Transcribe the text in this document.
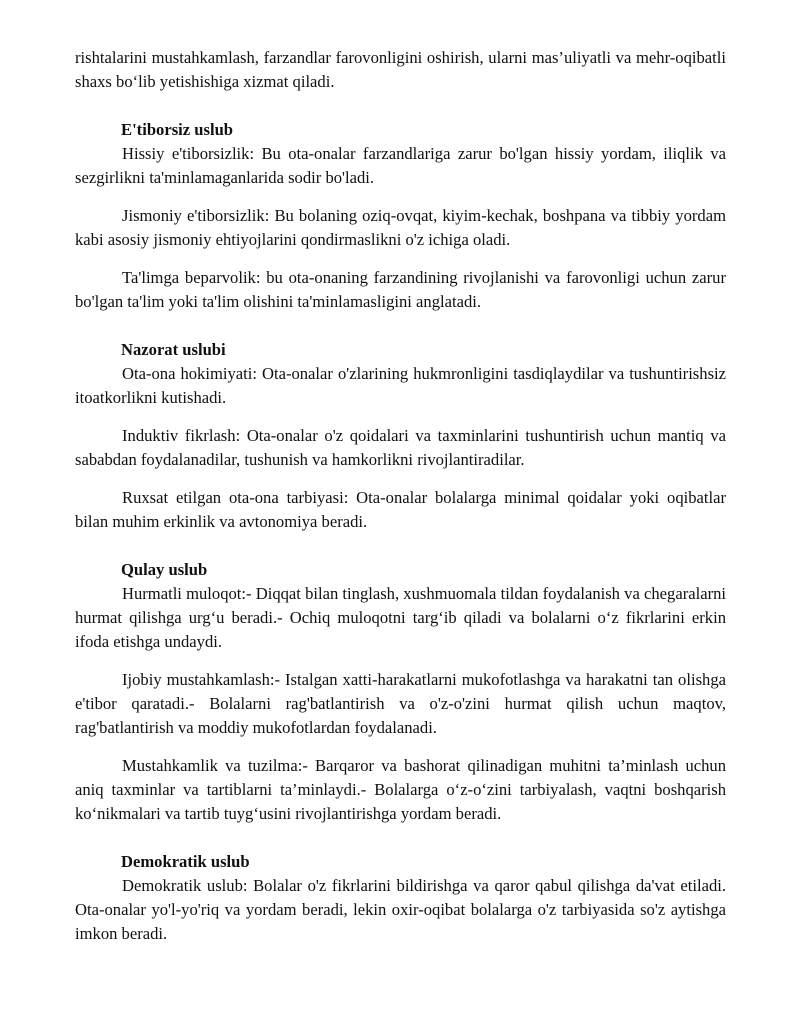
rishtalarini mustahkamlash, farzandlar farovonligini oshirish, ularni mas’uliyatli va mehr-oqibatli shaxs bo‘lib yetishishiga xizmat qiladi.

E'tiborsiz uslub

Hissiy e'tiborsizlik: Bu ota-onalar farzandlariga zarur bo'lgan hissiy yordam, iliqlik va sezgirlikni ta'minlamaganlarida sodir bo'ladi.

Jismoniy e'tiborsizlik: Bu bolaning oziq-ovqat, kiyim-kechak, boshpana va tibbiy yordam kabi asosiy jismoniy ehtiyojlarini qondirmaslikni o'z ichiga oladi.

Ta'limga beparvolik: bu ota-onaning farzandining rivojlanishi va farovonligi uchun zarur bo'lgan ta'lim yoki ta'lim olishini ta'minlamasligini anglatadi.

Nazorat uslubi

Ota-ona hokimiyati: Ota-onalar o'zlarining hukmronligini tasdiqlaydilar va tushuntirishsiz itoatkorlikni kutishadi.

Induktiv fikrlash: Ota-onalar o'z qoidalari va taxminlarini tushuntirish uchun mantiq va sababdan foydalanadilar, tushunish va hamkorlikni rivojlantiradilar.

Ruxsat etilgan ota-ona tarbiyasi: Ota-onalar bolalarga minimal qoidalar yoki oqibatlar bilan muhim erkinlik va avtonomiya beradi.

Qulay uslub

Hurmatli muloqot:- Diqqat bilan tinglash, xushmuomala tildan foydalanish va chegaralarni hurmat qilishga urg‘u beradi.- Ochiq muloqotni targ‘ib qiladi va bolalarni o‘z fikrlarini erkin ifoda etishga undaydi.

Ijobiy mustahkamlash:- Istalgan xatti-harakatlarni mukofotlashga va harakatni tan olishga e'tibor qaratadi.- Bolalarni rag'batlantirish va o'z-o'zini hurmat qilish uchun maqtov, rag'batlantirish va moddiy mukofotlardan foydalanadi.

Mustahkamlik va tuzilma:- Barqaror va bashorat qilinadigan muhitni ta’minlash uchun aniq taxminlar va tartiblarni ta’minlaydi.- Bolalarga o‘z-o‘zini tarbiyalash, vaqtni boshqarish ko‘nikmalari va tartib tuyg‘usini rivojlantirishga yordam beradi.

Demokratik uslub

Demokratik uslub: Bolalar o'z fikrlarini bildirishga va qaror qabul qilishga da'vat etiladi. Ota-onalar yo'l-yo'riq va yordam beradi, lekin oxir-oqibat bolalarga o'z tarbiyasida so'z aytishga imkon beradi.
